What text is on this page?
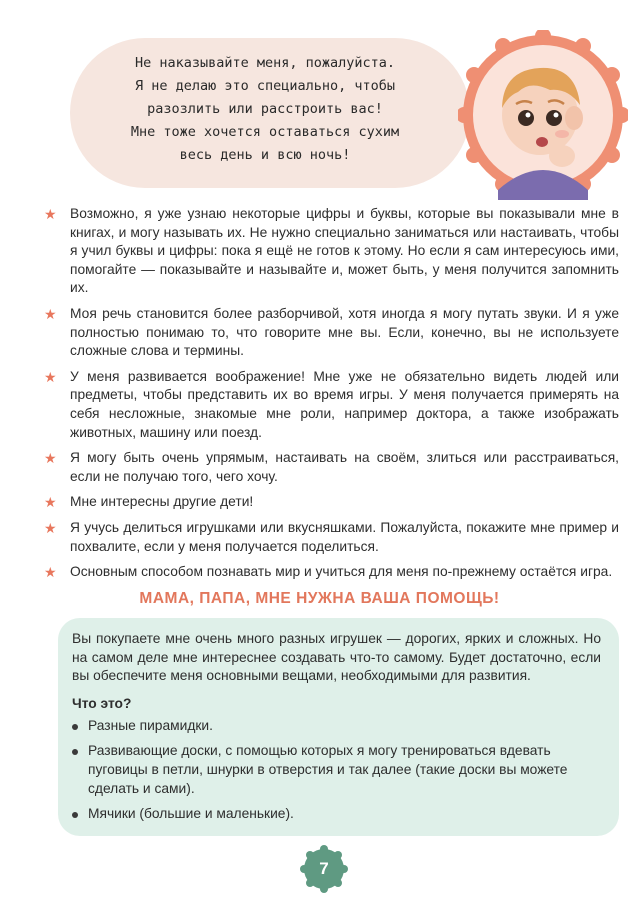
Не наказывайте меня, пожалуйста.
Я не делаю это специально, чтобы
разозлить или расстроить вас!
Мне тоже хочется оставаться сухим
весь день и всю ночь!
★ Возможно, я уже узнаю некоторые цифры и буквы, которые вы показывали мне в книгах, и могу называть их. Не нужно специально заниматься или настаивать, чтобы я учил буквы и цифры: пока я ещё не готов к этому. Но если я сам интересуюсь ими, помогайте — показывайте и называйте и, может быть, у меня получится запомнить их.
★ Моя речь становится более разборчивой, хотя иногда я могу путать звуки. И я уже полностью понимаю то, что говорите мне вы. Если, конечно, вы не используете сложные слова и термины.
★ У меня развивается воображение! Мне уже не обязательно видеть людей или предметы, чтобы представить их во время игры. У меня получается примерять на себя несложные, знакомые мне роли, например доктора, а также изображать животных, машину или поезд.
★ Я могу быть очень упрямым, настаивать на своём, злиться или расстраиваться, если не получаю того, чего хочу.
★ Мне интересны другие дети!
★ Я учусь делиться игрушками или вкусняшками. Пожалуйста, покажите мне пример и похвалите, если у меня получается поделиться.
★ Основным способом познавать мир и учиться для меня по-прежнему остаётся игра.
МАМА, ПАПА, МНЕ НУЖНА ВАША ПОМОЩЬ!

Вы покупаете мне очень много разных игрушек — дорогих, ярких и сложных. Но на самом деле мне интереснее создавать что-то самому. Будет достаточно, если вы обеспечите меня основными вещами, необходимыми для развития.

Что это?
Разные пирамидки.
Развивающие доски, с помощью которых я могу тренироваться вдевать пуговицы в петли, шнурки в отверстия и так далее (такие доски вы можете сделать и сами).
Мячики (большие и маленькие).
7
